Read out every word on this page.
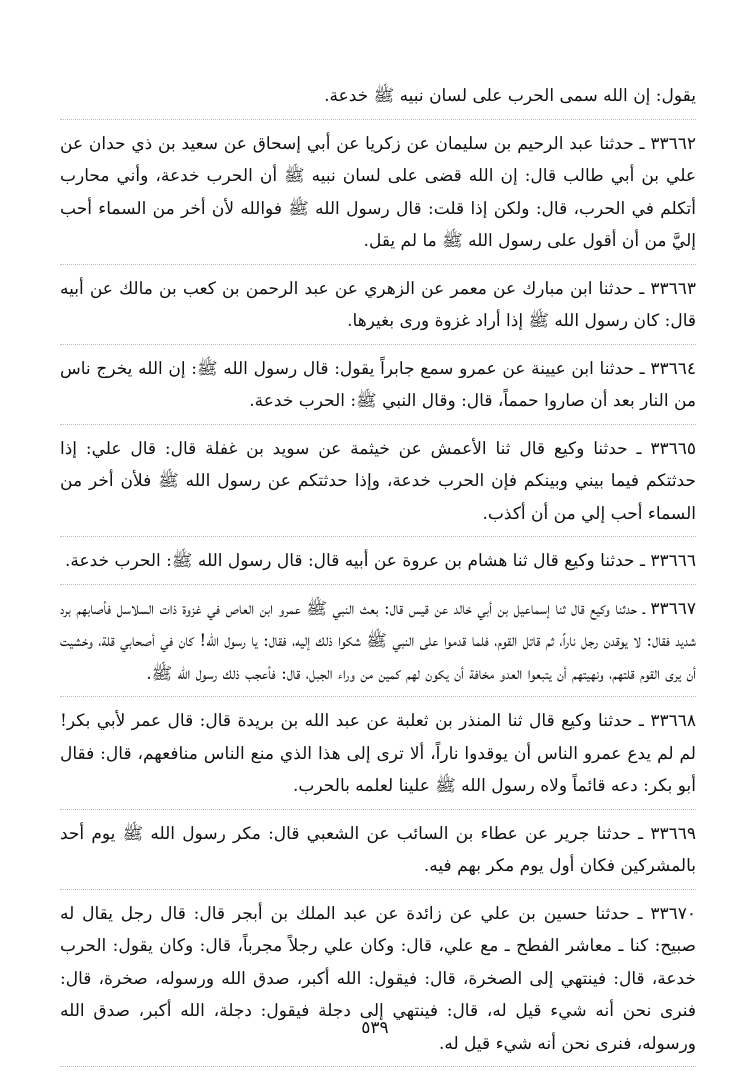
يقول: إن الله سمى الحرب على لسان نبيه ﷺ خدعة.

٣٣٦٦٢ ـ حدثنا عبد الرحيم بن سليمان عن زكريا عن أبي إسحاق عن سعيد بن ذي حدان عن علي بن أبي طالب قال: إن الله قضى على لسان نبيه ﷺ أن الحرب خدعة، وأني محارب أتكلم في الحرب، قال: ولكن إذا قلت: قال رسول الله ﷺ فوالله لأن أخر من السماء أحب إليَّ من أن أقول على رسول الله ﷺ ما لم يقل.

٣٣٦٦٣ ـ حدثنا ابن مبارك عن معمر عن الزهري عن عبد الرحمن بن كعب بن مالك عن أبيه قال: كان رسول الله ﷺ إذا أراد غزوة ورى بغيرها.

٣٣٦٦٤ ـ حدثنا ابن عيينة عن عمرو سمع جابراً يقول: قال رسول الله ﷺ: إن الله يخرج ناس من النار بعد أن صاروا حمماً، قال: وقال النبي ﷺ: الحرب خدعة.

٣٣٦٦٥ ـ حدثنا وكيع قال ثنا الأعمش عن خيثمة عن سويد بن غفلة قال: قال علي: إذا حدثتكم فيما بيني وبينكم فإن الحرب خدعة، وإذا حدثتكم عن رسول الله ﷺ فلأن أخر من السماء أحب إلي من أن أكذب.

٣٣٦٦٦ ـ حدثنا وكيع قال ثنا هشام بن عروة عن أبيه قال: قال رسول الله ﷺ: الحرب خدعة.

٣٣٦٦٧ ـ حدثنا وكيع قال ثنا إسماعيل بن أبي خالد عن قيس قال: بعث النبي ﷺ عمرو ابن العاص في غزوة ذات السلاسل فأصابهم برد شديد فقال: لا يوقدن رجل ناراً، ثم قاتل القوم، فلما قدموا على النبي ﷺ شكوا ذلك إليه، فقال: يا رسول الله! كان في أصحابي قلة، وخشيت أن يرى القوم قلتهم، ونهيتهم أن يتبعوا العدو مخافة أن يكون لهم كمين من وراء الجبل، قال: فأعجب ذلك رسول الله ﷺ.

٣٣٦٦٨ ـ حدثنا وكيع قال ثنا المنذر بن ثعلبة عن عبد الله بن بريدة قال: قال عمر لأبي بكر! لم لم يدع عمرو الناس أن يوقدوا ناراً، ألا ترى إلى هذا الذي منع الناس منافعهم، قال: فقال أبو بكر: دعه قائماً ولاه رسول الله ﷺ علينا لعلمه بالحرب.

٣٣٦٦٩ ـ حدثنا جرير عن عطاء بن السائب عن الشعبي قال: مكر رسول الله ﷺ يوم أحد بالمشركين فكان أول يوم مكر بهم فيه.

٣٣٦٧٠ ـ حدثنا حسين بن علي عن زائدة عن عبد الملك بن أبجر قال: قال رجل يقال له صبيح: كنا ـ معاشر الفطح ـ مع علي، قال: وكان علي رجلاً مجرباً، قال: وكان يقول: الحرب خدعة، قال: فينتهي إلى الصخرة، قال: فيقول: الله أكبر، صدق الله ورسوله، صخرة، قال: فنرى نحن أنه شيء قيل له، قال: فينتهي إلى دجلة فيقول: دجلة، الله أكبر، صدق الله ورسوله، فنرى نحن أنه شيء قيل له.

٥٣٩
